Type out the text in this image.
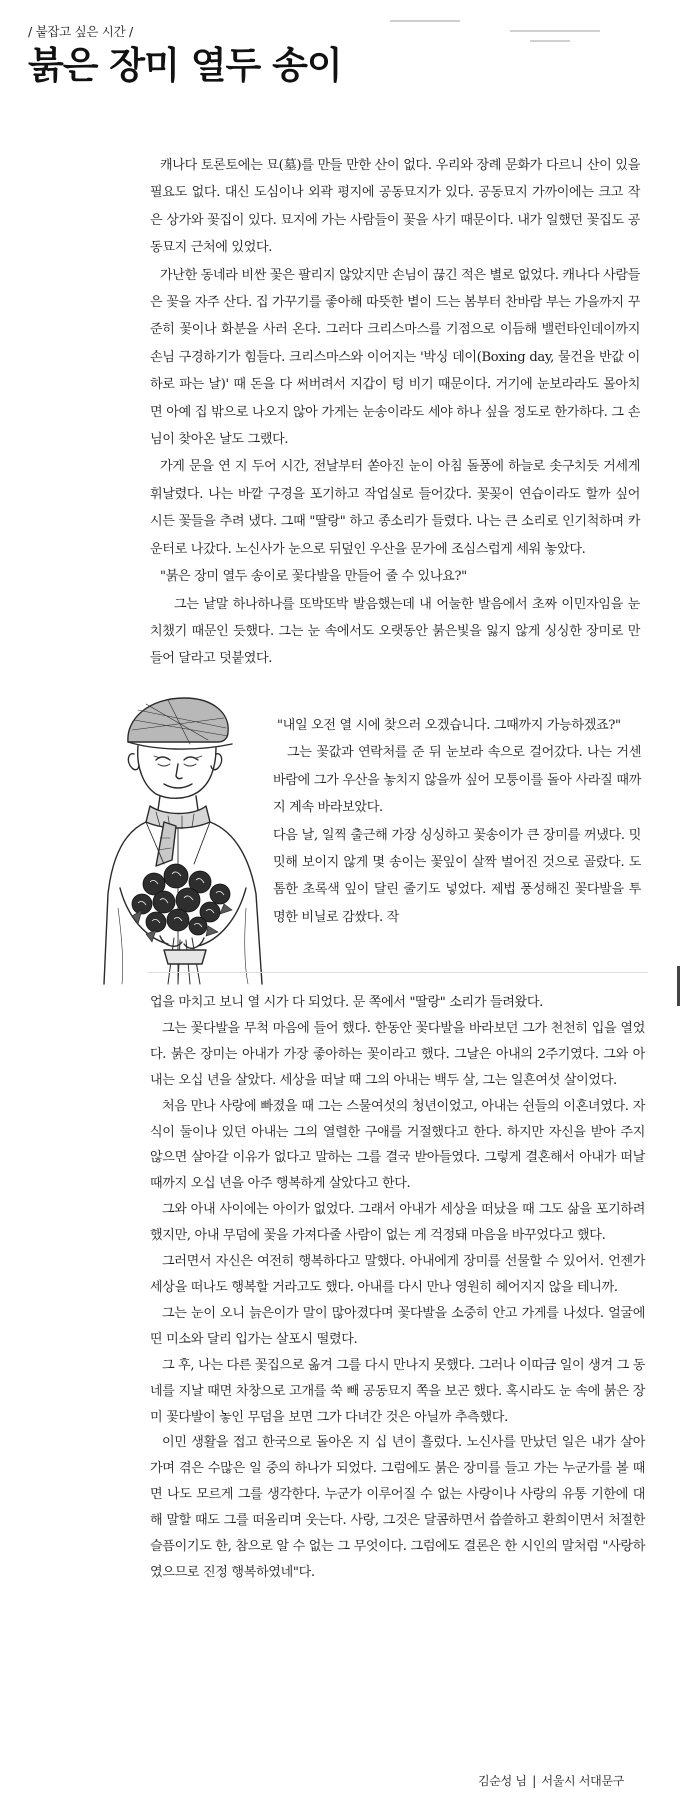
/ 붙잡고 싶은 시간 /
붉은 장미 열두 송이

캐나다 토론토에는 묘(墓)를 만들 만한 산이 없다. 우리와 장례 문화가 다르니 산이 있을 필요도 없다. 대신 도심이나 외곽 평지에 공동묘지가 있다. 공동묘지 가까이에는 크고 작은 상가와 꽃집이 있다. 묘지에 가는 사람들이 꽃을 사기 때문이다. 내가 일했던 꽃집도 공동묘지 근처에 있었다.

가난한 동네라 비싼 꽃은 팔리지 않았지만 손님이 끊긴 적은 별로 없었다. 캐나다 사람들은 꽃을 자주 산다. 집 가꾸기를 좋아해 따뜻한 볕이 드는 봄부터 찬바람 부는 가을까지 꾸준히 꽃이나 화분을 사러 온다. 그러다 크리스마스를 기점으로 이듬해 밸런타인데이까지 손님 구경하기가 힘들다. 크리스마스와 이어지는 '박싱 데이(Boxing day, 물건을 반값 이하로 파는 날)' 때 돈을 다 써버려서 지갑이 텅 비기 때문이다. 거기에 눈보라라도 몰아치면 아예 집 밖으로 나오지 않아 가게는 눈송이라도 세야 하나 싶을 정도로 한가하다. 그 손님이 찾아온 날도 그랬다.

가게 문을 연 지 두어 시간, 전날부터 쏟아진 눈이 아침 돌풍에 하늘로 솟구치듯 거세게 휘날렸다. 나는 바깥 구경을 포기하고 작업실로 들어갔다. 꽃꽂이 연습이라도 할까 싶어 시든 꽃들을 추려 냈다. 그때 "딸랑" 하고 종소리가 들렸다. 나는 큰 소리로 인기척하며 카운터로 나갔다. 노신사가 눈으로 뒤덮인 우산을 문가에 조심스럽게 세워 놓았다.

"붉은 장미 열두 송이로 꽃다발을 만들어 줄 수 있나요?"

그는 낱말 하나하나를 또박또박 발음했는데 내 어눌한 발음에서 초짜 이민자임을 눈치챘기 때문인 듯했다. 그는 눈 속에서도 오랫동안 붉은빛을 잃지 않게 싱싱한 장미로 만들어 달라고 덧붙였다.

"내일 오전 열 시에 찾으러 오겠습니다. 그때까지 가능하겠죠?"

그는 꽃값과 연락처를 준 뒤 눈보라 속으로 걸어갔다. 나는 거센 바람에 그가 우산을 놓치지 않을까 싶어 모퉁이를 돌아 사라질 때까지 계속 바라보았다.

다음 날, 일찍 출근해 가장 싱싱하고 꽃송이가 큰 장미를 꺼냈다. 밋밋해 보이지 않게 몇 송이는 꽃잎이 살짝 벌어진 것으로 골랐다. 도톰한 초록색 잎이 달린 줄기도 넣었다. 제법 풍성해진 꽃다발을 투명한 비닐로 감쌌다. 작

업을 마치고 보니 열 시가 다 되었다. 문 쪽에서 "딸랑" 소리가 들려왔다.

그는 꽃다발을 무척 마음에 들어 했다. 한동안 꽃다발을 바라보던 그가 천천히 입을 열었다. 붉은 장미는 아내가 가장 좋아하는 꽃이라고 했다. 그날은 아내의 2주기였다. 그와 아내는 오십 년을 살았다. 세상을 떠날 때 그의 아내는 백두 살, 그는 일흔여섯 살이었다.

처음 만나 사랑에 빠졌을 때 그는 스물여섯의 청년이었고, 아내는 쉰들의 이혼녀였다. 자식이 둘이나 있던 아내는 그의 열렬한 구애를 거절했다고 한다. 하지만 자신을 받아 주지 않으면 살아갈 이유가 없다고 말하는 그를 결국 받아들였다. 그렇게 결혼해서 아내가 떠날 때까지 오십 년을 아주 행복하게 살았다고 한다.

그와 아내 사이에는 아이가 없었다. 그래서 아내가 세상을 떠났을 때 그도 삶을 포기하려 했지만, 아내 무덤에 꽃을 가져다줄 사람이 없는 게 걱정돼 마음을 바꾸었다고 했다.

그러면서 자신은 여전히 행복하다고 말했다. 아내에게 장미를 선물할 수 있어서. 언젠가 세상을 떠나도 행복할 거라고도 했다. 아내를 다시 만나 영원히 헤어지지 않을 테니까.

그는 눈이 오니 늙은이가 말이 많아졌다며 꽃다발을 소중히 안고 가게를 나섰다. 얼굴에 띤 미소와 달리 입가는 살포시 떨렸다.

그 후, 나는 다른 꽃집으로 옮겨 그를 다시 만나지 못했다. 그러나 이따금 일이 생겨 그 동네를 지날 때면 차창으로 고개를 쑥 빼 공동묘지 쪽을 보곤 했다. 혹시라도 눈 속에 붉은 장미 꽃다발이 놓인 무덤을 보면 그가 다녀간 것은 아닐까 추측했다.

이민 생활을 접고 한국으로 돌아온 지 십 년이 흘렀다. 노신사를 만났던 일은 내가 살아가며 겪은 수많은 일 중의 하나가 되었다. 그럼에도 붉은 장미를 들고 가는 누군가를 볼 때면 나도 모르게 그를 생각한다. 누군가 이루어질 수 없는 사랑이나 사랑의 유통 기한에 대해 말할 때도 그를 떠올리며 웃는다. 사랑, 그것은 달콤하면서 씁쓸하고 환희이면서 처절한 슬픔이기도 한, 참으로 알 수 없는 그 무엇이다. 그럼에도 결론은 한 시인의 말처럼 "사랑하였으므로 진정 행복하였네"다.

김순성 님 | 서울시 서대문구
